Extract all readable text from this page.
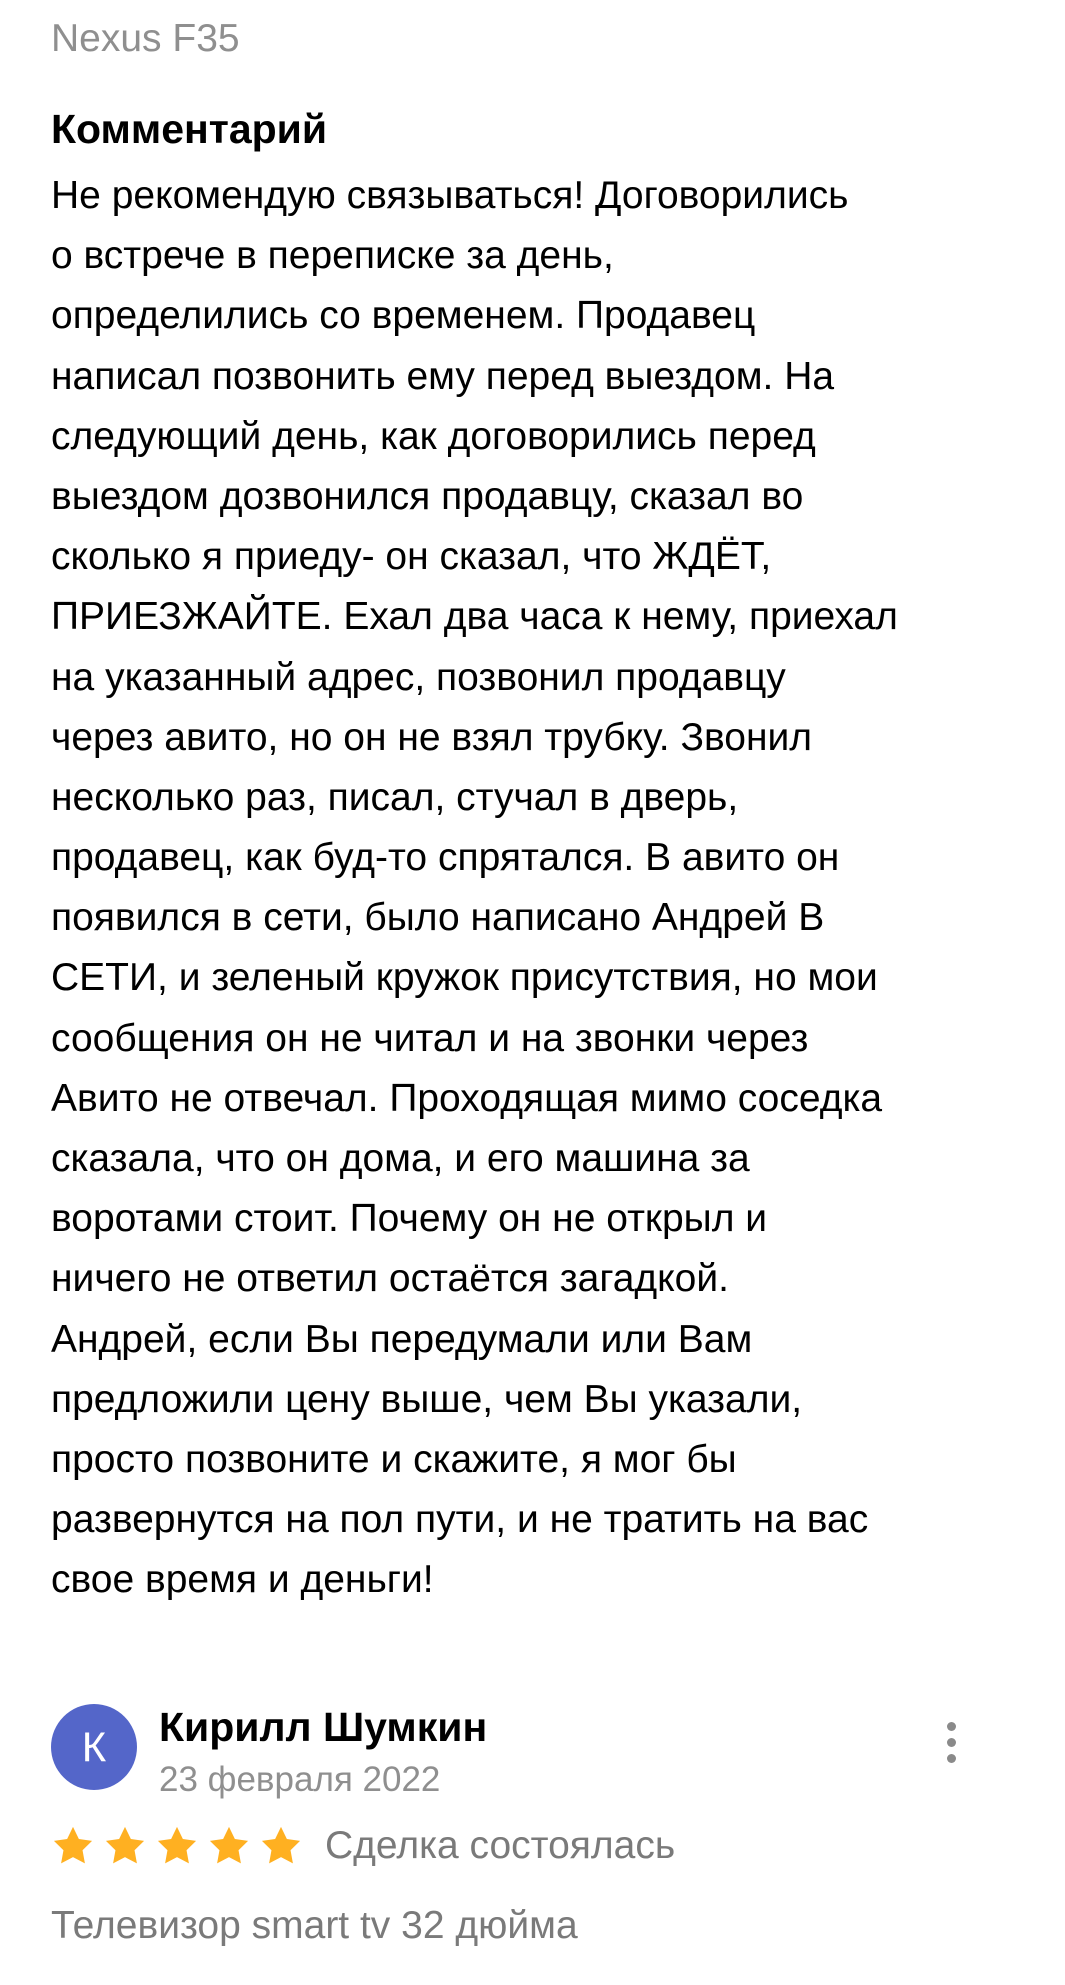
Nexus F35
Комментарий
Не рекомендую связываться! Договорились
о встрече в переписке за день,
определились со временем. Продавец
написал позвонить ему перед выездом. На
следующий день, как договорились перед
выездом дозвонился продавцу, сказал во
сколько я приеду- он сказал, что ЖДЁТ,
ПРИЕЗЖАЙТЕ. Ехал два часа к нему, приехал
на указанный адрес, позвонил продавцу
через авито, но он не взял трубку. Звонил
несколько раз, писал, стучал в дверь,
продавец, как буд-то спрятался. В авито он
появился в сети, было написано Андрей В
СЕТИ, и зеленый кружок присутствия, но мои
сообщения он не читал и на звонки через
Авито не отвечал. Проходящая мимо соседка
сказала, что он дома, и его машина за
воротами стоит. Почему он не открыл и
ничего не ответил остаётся загадкой.
Андрей, если Вы передумали или Вам
предложили цену выше, чем Вы указали,
просто позвоните и скажите, я мог бы
развернутся на пол пути, и не тратить на вас
свое время и деньги!
К	Кирилл Шумкин
23 февраля 2022
Сделка состоялась
Телевизор smart tv 32 дюйма
